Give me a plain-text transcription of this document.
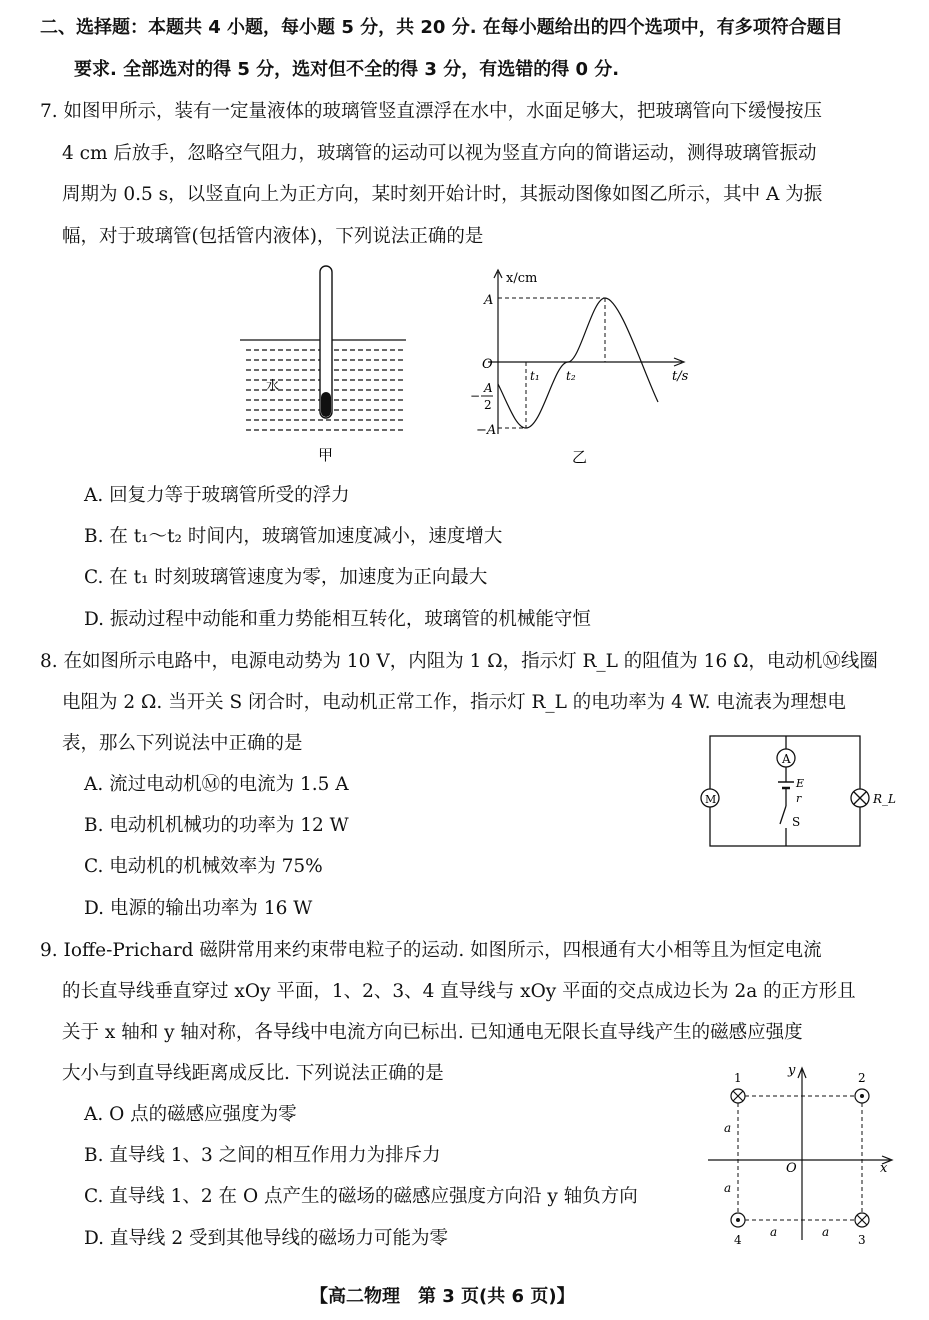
二、选择题：本题共 4 小题，每小题 5 分，共 20 分. 在每小题给出的四个选项中，有多项符合题目
要求. 全部选对的得 5 分，选对但不全的得 3 分，有选错的得 0 分.
7. 如图甲所示，装有一定量液体的玻璃管竖直漂浮在水中，水面足够大，把玻璃管向下缓慢按压
4 cm 后放手，忽略空气阻力，玻璃管的运动可以视为竖直方向的简谐运动，测得玻璃管振动
周期为 0.5 s，以竖直向上为正方向，某时刻开始计时，其振动图像如图乙所示，其中 A 为振
幅，对于玻璃管(包括管内液体)，下列说法正确的是
水
甲
x/cm
t/s
O
A
−
A
2
−A
t₁ t₂
乙
A. 回复力等于玻璃管所受的浮力
B. 在 t₁～t₂ 时间内，玻璃管加速度减小，速度增大
C. 在 t₁ 时刻玻璃管速度为零，加速度为正向最大
D. 振动过程中动能和重力势能相互转化，玻璃管的机械能守恒
8. 在如图所示电路中，电源电动势为 10 V，内阻为 1 Ω，指示灯 R_L 的阻值为 16 Ω，电动机Ⓜ线圈
电阻为 2 Ω. 当开关 S 闭合时，电动机正常工作，指示灯 R_L 的电功率为 4 W. 电流表为理想电
表，那么下列说法中正确的是
A
M
E
r
S
R_L
A. 流过电动机Ⓜ的电流为 1.5 A
B. 电动机机械功的功率为 12 W
C. 电动机的机械效率为 75%
D. 电源的输出功率为 16 W
9. Ioffe-Prichard 磁阱常用来约束带电粒子的运动. 如图所示，四根通有大小相等且为恒定电流
的长直导线垂直穿过 xOy 平面，1、2、3、4 直导线与 xOy 平面的交点成边长为 2a 的正方形且
关于 x 轴和 y 轴对称，各导线中电流方向已标出. 已知通电无限长直导线产生的磁感应强度
大小与到直导线距离成反比. 下列说法正确的是	y
x
O
1	2
3
4
a
a
a	a
A. O 点的磁感应强度为零
B. 直导线 1、3 之间的相互作用力为排斥力
C. 直导线 1、2 在 O 点产生的磁场的磁感应强度方向沿 y 轴负方向
D. 直导线 2 受到其他导线的磁场力可能为零
【高二物理　第 3 页(共 6 页)】
